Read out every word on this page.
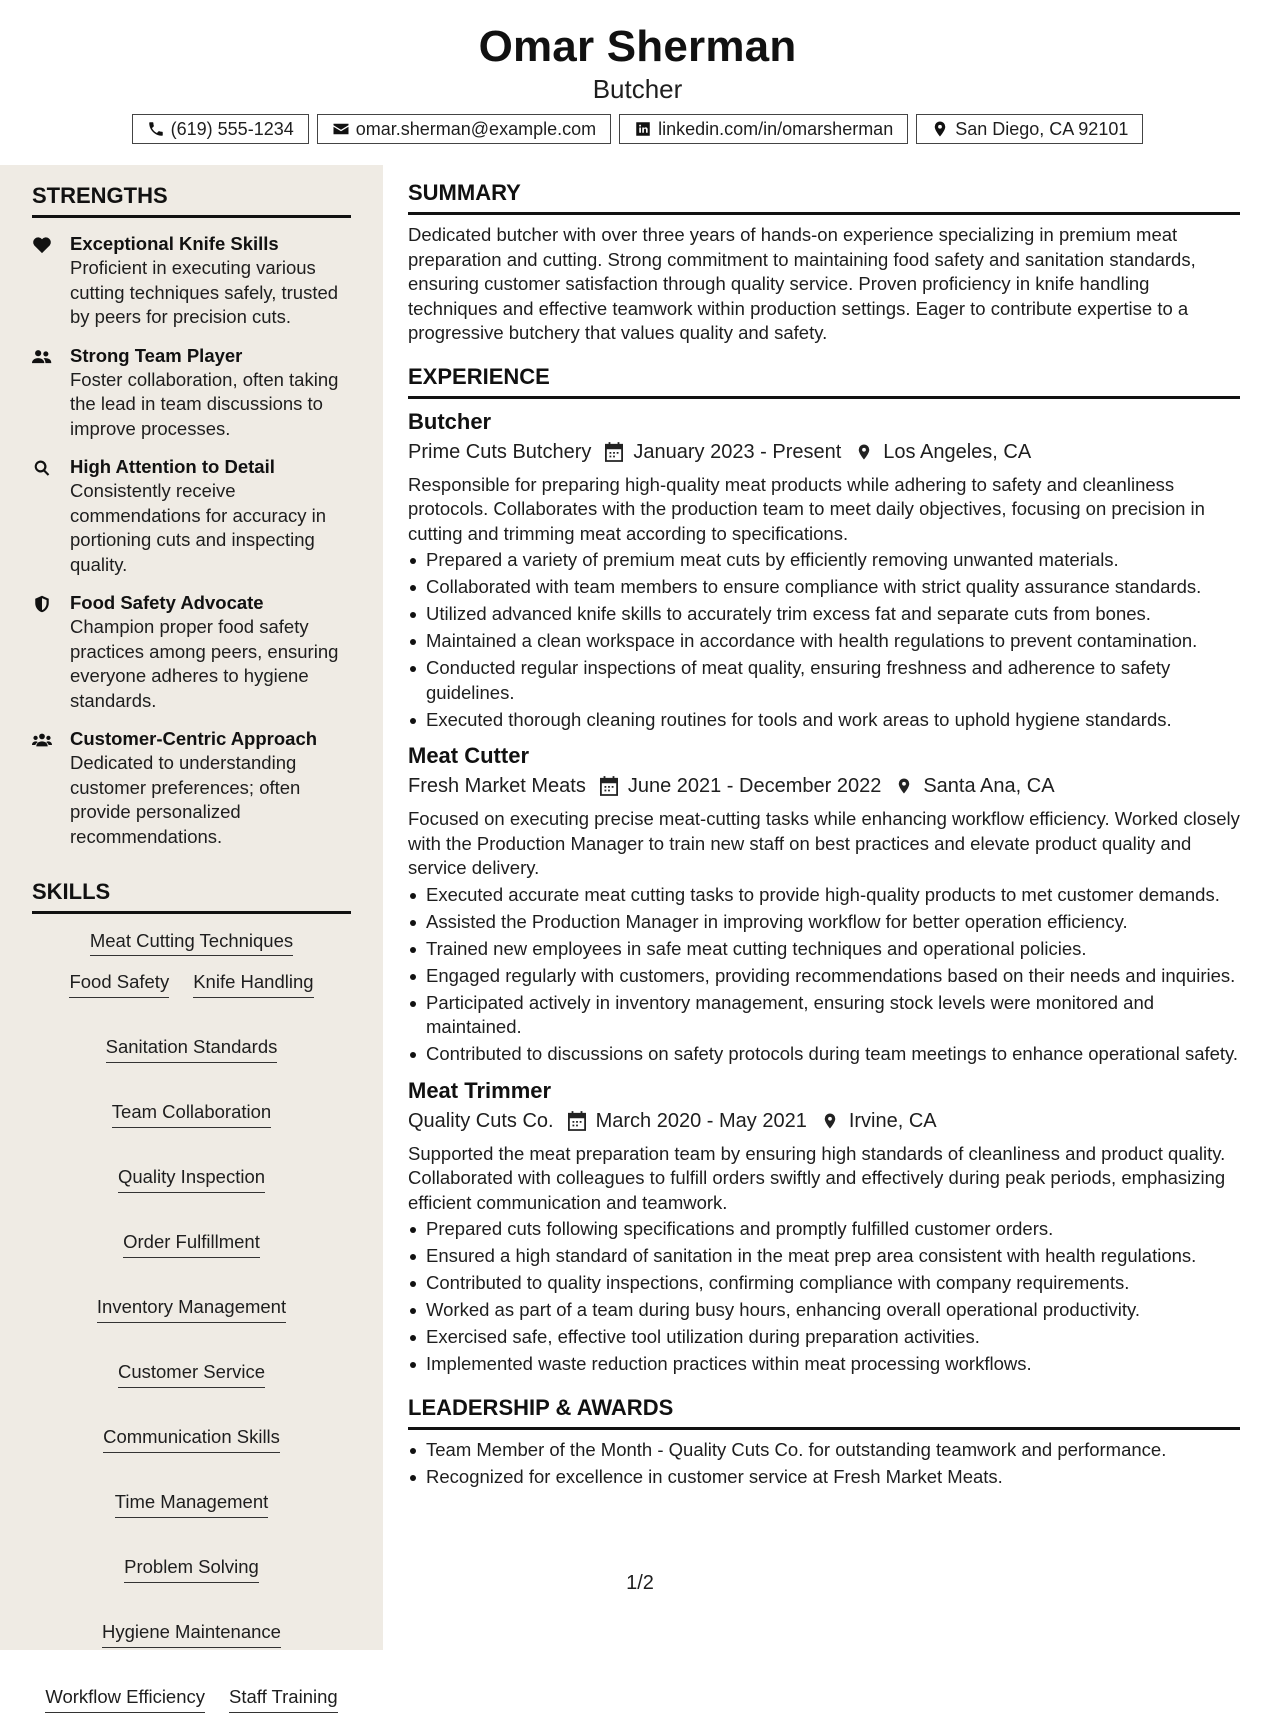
Omar Sherman
Butcher
(619) 555-1234	omar.sherman@example.com	linkedin.com/in/omarsherman	San Diego, CA 92101
STRENGTHS
Exceptional Knife Skills
Proficient in executing various cutting techniques safely, trusted by peers for precision cuts.
Strong Team Player
Foster collaboration, often taking the lead in team discussions to improve processes.
High Attention to Detail
Consistently receive commendations for accuracy in portioning cuts and inspecting quality.
Food Safety Advocate
Champion proper food safety practices among peers, ensuring everyone adheres to hygiene standards.
Customer-Centric Approach
Dedicated to understanding customer preferences; often provide personalized recommendations.
SKILLS
Meat Cutting Techniques
Food Safety Knife Handling
Sanitation Standards
Team Collaboration
Quality Inspection
Order Fulfillment
Inventory Management
Customer Service
Communication Skills
Time Management
Problem Solving
Hygiene Maintenance
Workflow Efficiency Staff Training
SUMMARY
Dedicated butcher with over three years of hands-on experience specializing in premium meat preparation and cutting. Strong commitment to maintaining food safety and sanitation standards, ensuring customer satisfaction through quality service. Proven proficiency in knife handling techniques and effective teamwork within production settings. Eager to contribute expertise to a progressive butchery that values quality and safety.
EXPERIENCE
Butcher
Prime Cuts Butchery January 2023 - Present Los Angeles, CA
Responsible for preparing high-quality meat products while adhering to safety and cleanliness protocols. Collaborates with the production team to meet daily objectives, focusing on precision in cutting and trimming meat according to specifications.
Prepared a variety of premium meat cuts by efficiently removing unwanted materials.
Collaborated with team members to ensure compliance with strict quality assurance standards.
Utilized advanced knife skills to accurately trim excess fat and separate cuts from bones.
Maintained a clean workspace in accordance with health regulations to prevent contamination.
Conducted regular inspections of meat quality, ensuring freshness and adherence to safety guidelines.
Executed thorough cleaning routines for tools and work areas to uphold hygiene standards.
Meat Cutter
Fresh Market Meats June 2021 - December 2022 Santa Ana, CA
Focused on executing precise meat-cutting tasks while enhancing workflow efficiency. Worked closely with the Production Manager to train new staff on best practices and elevate product quality and service delivery.
Executed accurate meat cutting tasks to provide high-quality products to met customer demands.
Assisted the Production Manager in improving workflow for better operation efficiency.
Trained new employees in safe meat cutting techniques and operational policies.
Engaged regularly with customers, providing recommendations based on their needs and inquiries.
Participated actively in inventory management, ensuring stock levels were monitored and maintained.
Contributed to discussions on safety protocols during team meetings to enhance operational safety.
Meat Trimmer
Quality Cuts Co. March 2020 - May 2021 Irvine, CA
Supported the meat preparation team by ensuring high standards of cleanliness and product quality. Collaborated with colleagues to fulfill orders swiftly and effectively during peak periods, emphasizing efficient communication and teamwork.
Prepared cuts following specifications and promptly fulfilled customer orders.
Ensured a high standard of sanitation in the meat prep area consistent with health regulations.
Contributed to quality inspections, confirming compliance with company requirements.
Worked as part of a team during busy hours, enhancing overall operational productivity.
Exercised safe, effective tool utilization during preparation activities.
Implemented waste reduction practices within meat processing workflows.
LEADERSHIP & AWARDS
Team Member of the Month - Quality Cuts Co. for outstanding teamwork and performance.
Recognized for excellence in customer service at Fresh Market Meats.
1/2
